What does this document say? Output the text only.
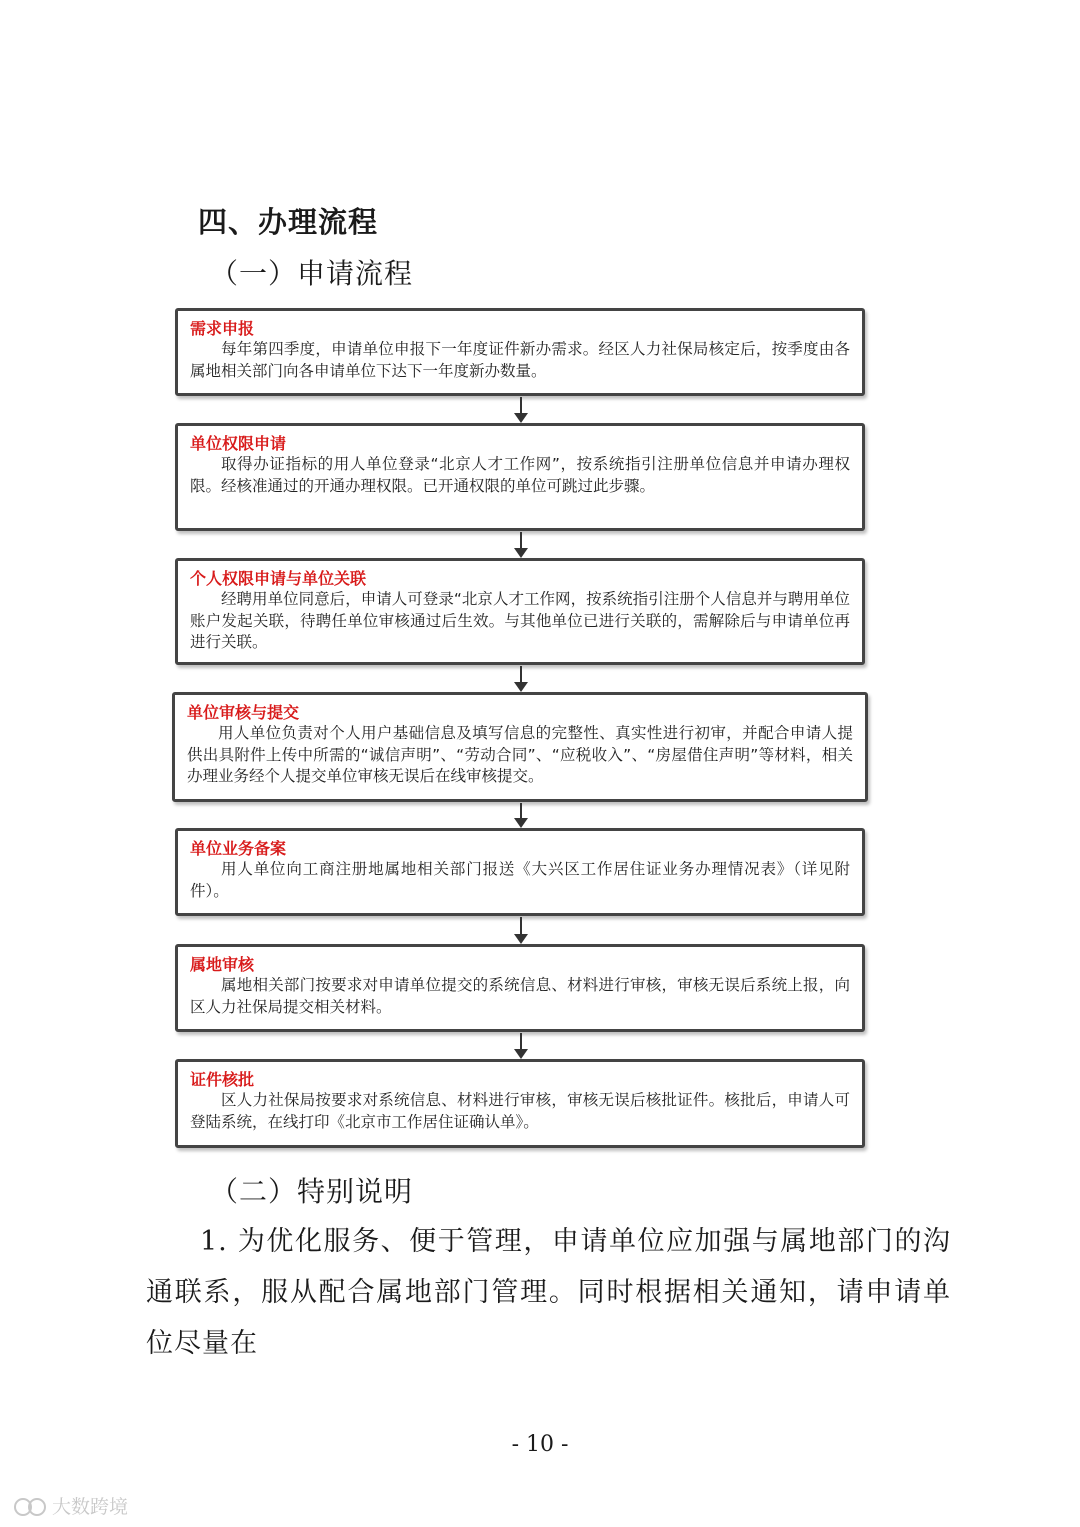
四、办理流程
（一）申请流程
需求申报
每年第四季度，申请单位申报下一年度证件新办需求。经区人力社保局核定后，按季度由各属地相关部门向各申请单位下达下一年度新办数量。
单位权限申请
取得办证指标的用人单位登录“北京人才工作网”，按系统指引注册单位信息并申请办理权限。经核准通过的开通办理权限。已开通权限的单位可跳过此步骤。
个人权限申请与单位关联
经聘用单位同意后，申请人可登录“北京人才工作网，按系统指引注册个人信息并与聘用单位账户发起关联，待聘任单位审核通过后生效。与其他单位已进行关联的，需解除后与申请单位再进行关联。
单位审核与提交
用人单位负责对个人用户基础信息及填写信息的完整性、真实性进行初审，并配合申请人提供出具附件上传中所需的“诚信声明”、“劳动合同”、“应税收入”、“房屋借住声明”等材料，相关办理业务经个人提交单位审核无误后在线审核提交。
单位业务备案
用人单位向工商注册地属地相关部门报送《大兴区工作居住证业务办理情况表》（详见附件）。
属地审核
属地相关部门按要求对申请单位提交的系统信息、材料进行审核，审核无误后系统上报，向区人力社保局提交相关材料。
证件核批
区人力社保局按要求对系统信息、材料进行审核，审核无误后核批证件。核批后，申请人可登陆系统，在线打印《北京市工作居住证确认单》。
（二）特别说明
1. 为优化服务、便于管理，申请单位应加强与属地部门的沟通联系，服从配合属地部门管理。同时根据相关通知，请申请单位尽量在
- 10 -
大数跨境
